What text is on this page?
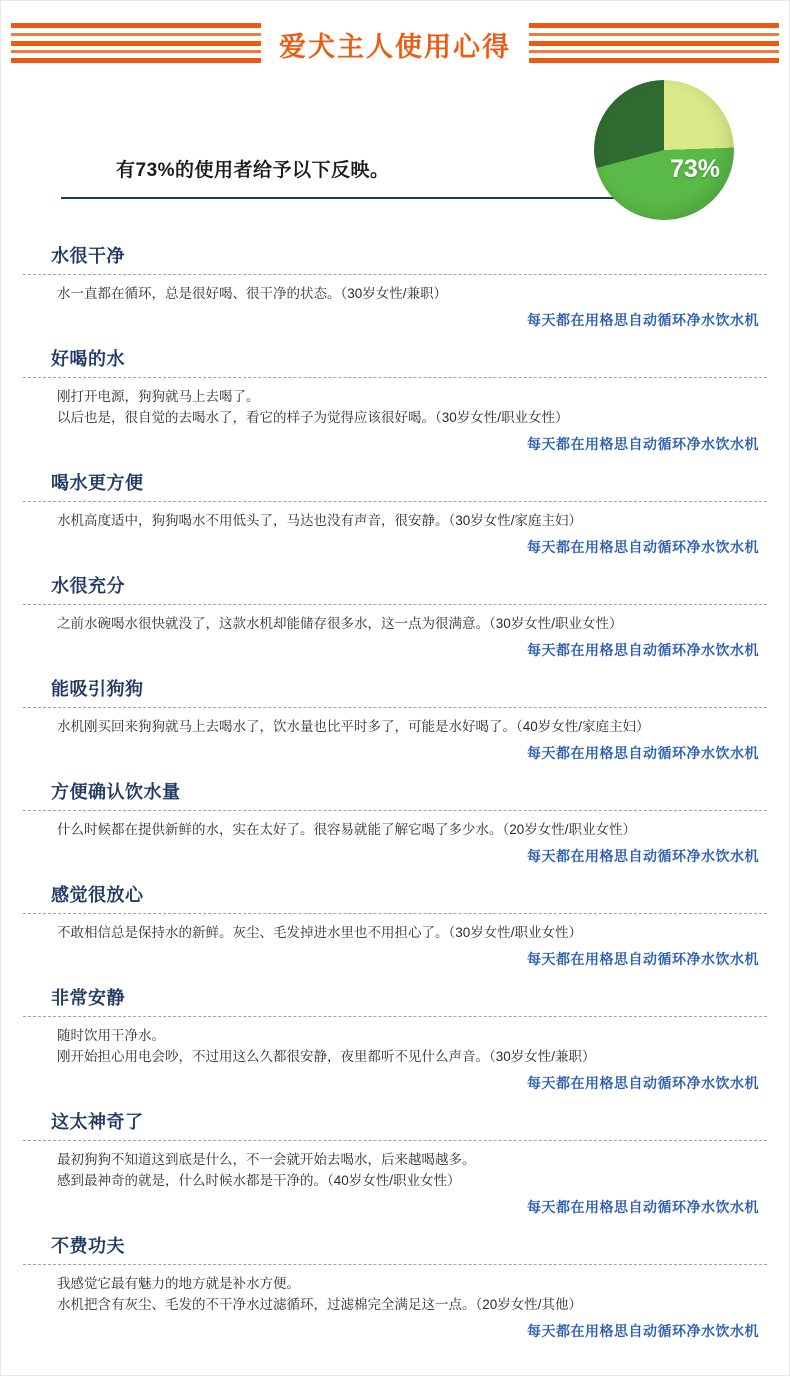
爱犬主人使用心得
有73%的使用者给予以下反映。	73%
水很干净
水一直都在循环，总是很好喝、很干净的状态。（30岁女性/兼职）
每天都在用格思自动循环净水饮水机
好喝的水
刚打开电源，狗狗就马上去喝了。
以后也是，很自觉的去喝水了，看它的样子为觉得应该很好喝。（30岁女性/职业女性）
每天都在用格思自动循环净水饮水机
喝水更方便
水机高度适中，狗狗喝水不用低头了，马达也没有声音，很安静。（30岁女性/家庭主妇）
每天都在用格思自动循环净水饮水机
水很充分
之前水碗喝水很快就没了，这款水机却能储存很多水，这一点为很满意。（30岁女性/职业女性）
每天都在用格思自动循环净水饮水机
能吸引狗狗
水机刚买回来狗狗就马上去喝水了，饮水量也比平时多了，可能是水好喝了。（40岁女性/家庭主妇）
每天都在用格思自动循环净水饮水机
方便确认饮水量
什么时候都在提供新鲜的水，实在太好了。很容易就能了解它喝了多少水。（20岁女性/职业女性）
每天都在用格思自动循环净水饮水机
感觉很放心
不敢相信总是保持水的新鲜。灰尘、毛发掉进水里也不用担心了。（30岁女性/职业女性）
每天都在用格思自动循环净水饮水机
非常安静
随时饮用干净水。
刚开始担心用电会吵，不过用这么久都很安静，夜里都听不见什么声音。（30岁女性/兼职）
每天都在用格思自动循环净水饮水机
这太神奇了
最初狗狗不知道这到底是什么，不一会就开始去喝水，后来越喝越多。
感到最神奇的就是，什么时候水都是干净的。（40岁女性/职业女性）
每天都在用格思自动循环净水饮水机
不费功夫
我感觉它最有魅力的地方就是补水方便。
水机把含有灰尘、毛发的不干净水过滤循环，过滤棉完全满足这一点。（20岁女性/其他）
每天都在用格思自动循环净水饮水机
